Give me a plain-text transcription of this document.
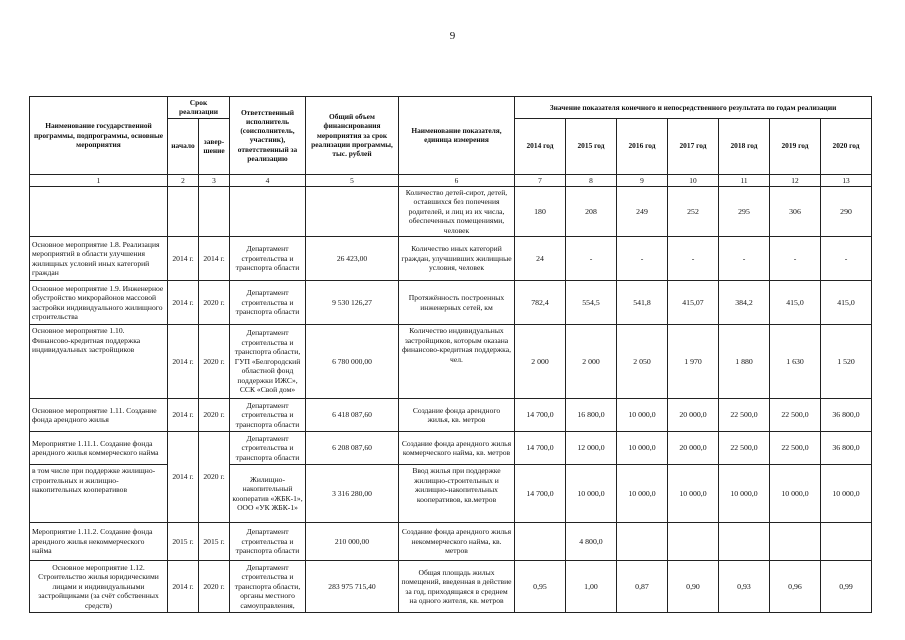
9
Наименование государственной программы, подпрограммы, основные мероприятия	Срок реализации		Ответственный исполнитель (соисполнитель, участник), ответственный за реализацию	Общий объем финансирования мероприятия за срок реализации программы, тыс. рублей	Наименование показателя, единица измерения	Значение показателя конечного и непосредственного результата по годам реализации						
	начало	завер-шение				2014 год	2015 год	2016 год	2017 год	2018 год	2019 год	2020 год
1	2	3	4	5	6	7	8	9	10	11	12	13
					Количество детей-сирот, детей, оставшихся без попечения родителей, и лиц из их числа, обеспеченных помещениями, человек	180	208	249	252	295	306	290
Основное мероприятие 1.8. Реализация мероприятий в области улучшения жилищных условий иных категорий граждан	2014 г.	2014 г.	Департамент строительства и транспорта области	26 423,00	Количество иных категорий граждан, улучшивших жилищные условия, человек	24	-	-	-	-	-	-
Основное мероприятие 1.9. Инженерное обустройство микрорайонов массовой застройки индивидуального жилищного строительства	2014 г.	2020 г.	Департамент строительства и транспорта области	9 530 126,27	Протяжённость построенных инженерных сетей, км	782,4	554,5	541,8	415,07	384,2	415,0	415,0
Основное мероприятие 1.10. Финансово-кредитная поддержка индивидуальных застройщиков	2014 г.	2020 г.	Департамент строительства и транспорта области, ГУП «Белгородский областной фонд поддержки ИЖС», ССК «Свой дом»	6 780 000,00	Количество индивидуальных застройщиков, которым оказана финансово-кредитная поддержка, чел.	2 000	2 000	2 050	1 970	1 880	1 630	1 520
Основное мероприятие 1.11. Создание фонда арендного жилья	2014 г.	2020 г.	Департамент строительства и транспорта области	6 418 087,60	Создание фонда арендного жилья, кв. метров	14 700,0	16 800,0	10 000,0	20 000,0	22 500,0	22 500,0	36 800,0
Мероприятие 1.11.1. Создание фонда арендного жилья коммерческого найма	2014 г.	2020 г.	Департамент строительства и транспорта области	6 208 087,60	Создание фонда арендного жилья коммерческого найма, кв. метров	14 700,0	12 000,0	10 000,0	20 000,0	22 500,0	22 500,0	36 800,0
в том числе при поддержке жилищно-строительных и жилищно-накопительных кооперативов			Жилищно-накопительный кооператив «ЖБК-1», ООО «УК ЖБК-1»	3 316 280,00	Ввод жилья при поддержке жилищно-строительных и жилищно-накопительных кооперативов, кв.метров	14 700,0	10 000,0	10 000,0	10 000,0	10 000,0	10 000,0	10 000,0
Мероприятие 1.11.2. Создание фонда арендного жилья некоммерческого найма	2015 г.	2015 г.	Департамент строительства и транспорта области	210 000,00	Создание фонда арендного жилья некоммерческого найма, кв. метров		4 800,0					
Основное мероприятие 1.12. Строительство жилья юридическими лицами и индивидуальными застройщиками (за счёт собственных средств)	2014 г.	2020 г.	Департамент строительства и транспорта области, органы местного самоуправления,	283 975 715,40	Общая площадь жилых помещений, введенная в действие за год, приходящаяся в среднем на одного жителя, кв. метров	0,95	1,00	0,87	0,90	0,93	0,96	0,99
